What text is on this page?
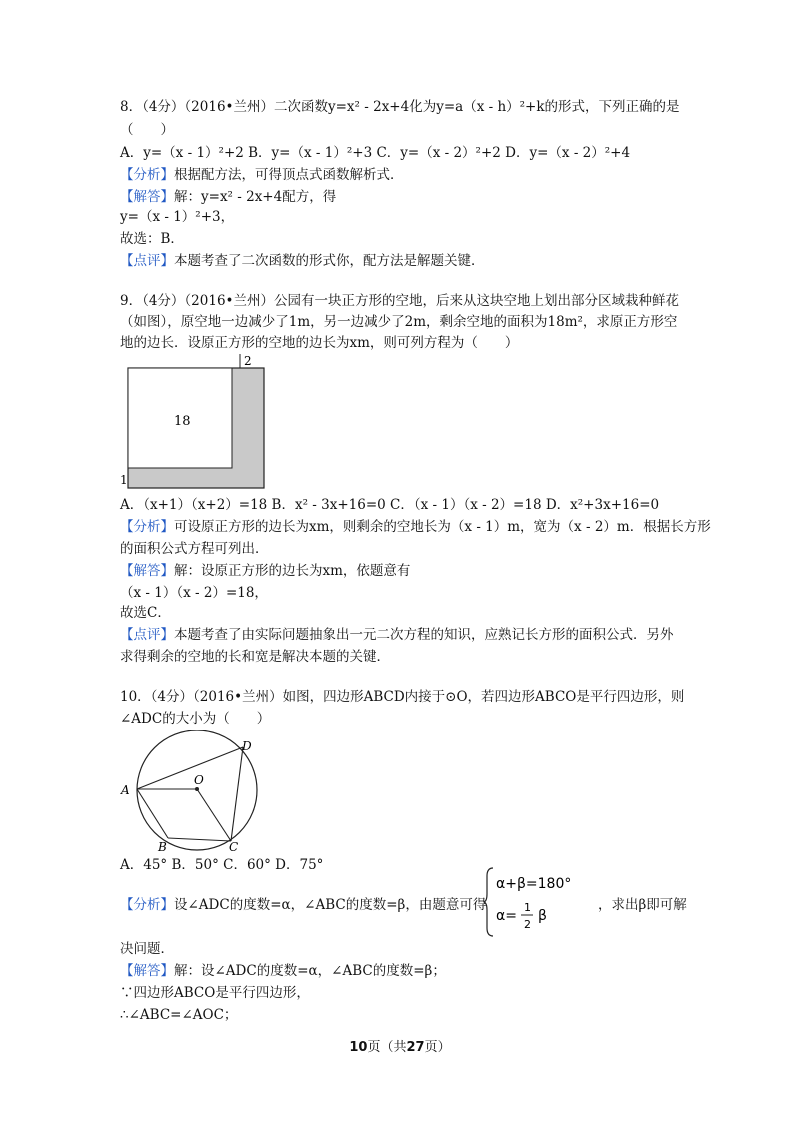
8．（4分）（2016•兰州）二次函数y=x² - 2x+4化为y=a（x - h）²+k的形式，下列正确的是
（　　）
A．y=（x - 1）²+2 B．y=（x - 1）²+3 C．y=（x - 2）²+2 D．y=（x - 2）²+4
【分析】根据配方法，可得顶点式函数解析式．
【解答】解：y=x² - 2x+4配方，得
y=（x - 1）²+3，
故选：B．
【点评】本题考查了二次函数的形式你，配方法是解题关键．
9．（4分）（2016•兰州）公园有一块正方形的空地，后来从这块空地上划出部分区域栽种鲜花
（如图），原空地一边减少了1m，另一边减少了2m，剩余空地的面积为18m²，求原正方形空
地的边长．设原正方形的空地的边长为xm，则可列方程为（　　）
2
18
1
A．（x+1）（x+2）=18 B．x² - 3x+16=0 C．（x - 1）（x - 2）=18 D．x²+3x+16=0
【分析】可设原正方形的边长为xm，则剩余的空地长为（x - 1）m，宽为（x - 2）m．根据长方形
的面积公式方程可列出．
【解答】解：设原正方形的边长为xm，依题意有
（x - 1）（x - 2）=18，
故选C．
【点评】本题考查了由实际问题抽象出一元二次方程的知识，应熟记长方形的面积公式．另外
求得剩余的空地的长和宽是解决本题的关键．
10．（4分）（2016•兰州）如图，四边形ABCD内接于⊙O，若四边形ABCO是平行四边形，则
∠ADC的大小为（　　）
A
O
D
B	C
A．45° B．50° C．60° D．75°
【分析】设∠ADC的度数=α，∠ABC的度数=β，由题意可得
α+β=180°
α=
1
2
β
，求出β即可解
决问题．
【解答】解：设∠ADC的度数=α，∠ABC的度数=β；
∵四边形ABCO是平行四边形，
∴∠ABC=∠AOC；
10页（共27页）
